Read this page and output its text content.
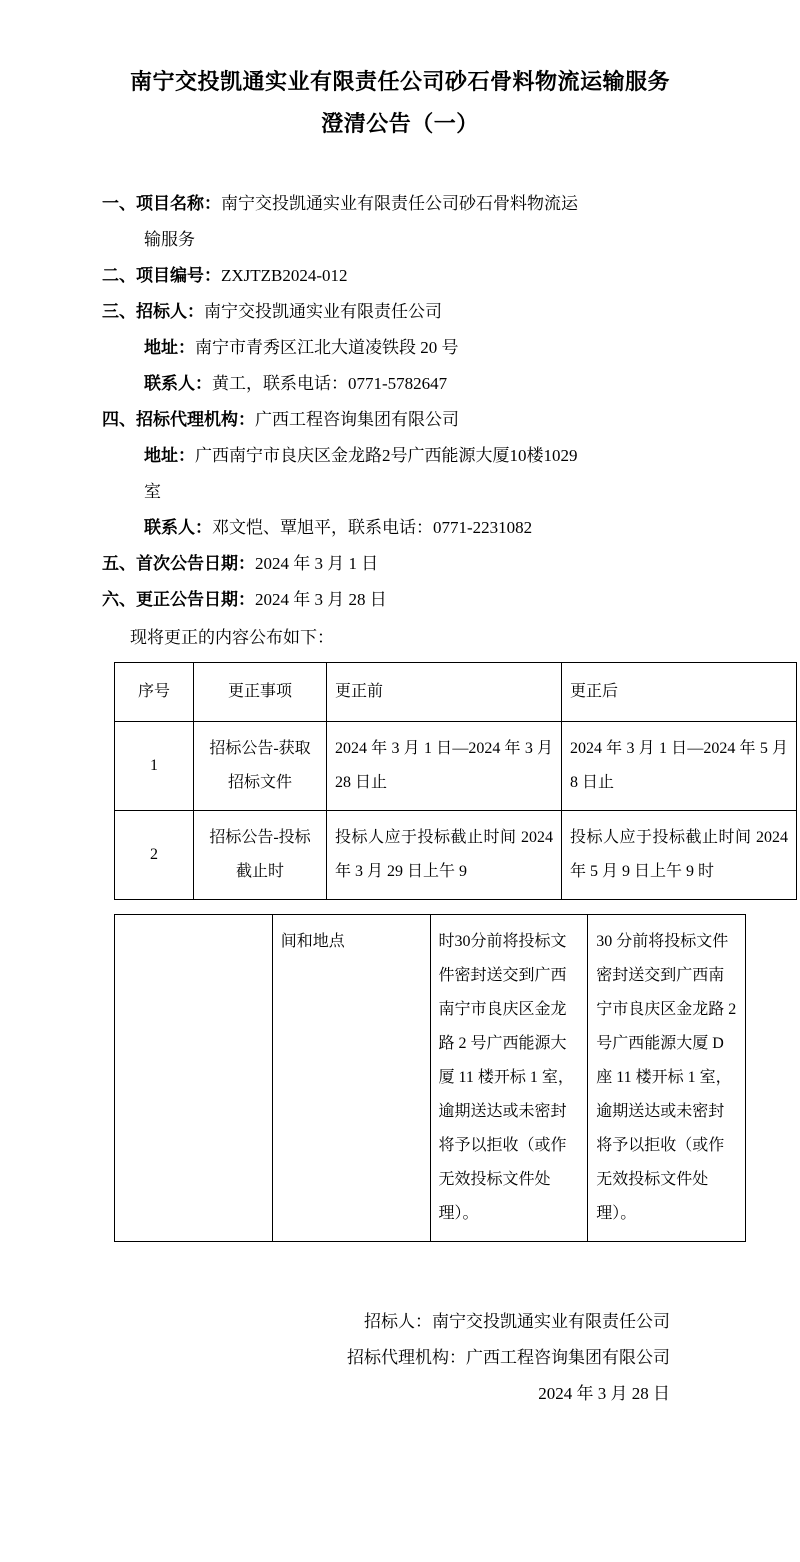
南宁交投凯通实业有限责任公司砂石骨料物流运输服务
澄清公告（一）
一、项目名称：南宁交投凯通实业有限责任公司砂石骨料物流运
输服务
二、项目编号：ZXJTZB2024-012
三、招标人：南宁交投凯通实业有限责任公司
地址：南宁市青秀区江北大道凌铁段 20 号
联系人：黄工，联系电话：0771-5782647
四、招标代理机构：广西工程咨询集团有限公司
地址：广西南宁市良庆区金龙路2号广西能源大厦10楼1029
室
联系人：邓文恺、覃旭平，联系电话：0771-2231082
五、首次公告日期：2024 年 3 月 1 日
六、更正公告日期：2024 年 3 月 28 日
现将更正的内容公布如下：
序号	更正事项	更正前	更正后
1	招标公告-获取招标文件	2024 年 3 月 1 日—2024 年 3 月 28 日止	2024 年 3 月 1 日—2024 年 5 月 8 日止
2	招标公告-投标截止时	投标人应于投标截止时间 2024 年 3 月 29 日上午 9	投标人应于投标截止时间 2024 年 5 月 9 日上午 9 时
	间和地点	时30分前将投标文件密封送交到广西南宁市良庆区金龙路 2 号广西能源大厦 11 楼开标 1 室，逾期送达或未密封将予以拒收（或作无效投标文件处理）。	30 分前将投标文件密封送交到广西南宁市良庆区金龙路 2 号广西能源大厦 D 座 11 楼开标 1 室，逾期送达或未密封将予以拒收（或作无效投标文件处理）。
招标人：南宁交投凯通实业有限责任公司
招标代理机构：广西工程咨询集团有限公司
2024 年 3 月 28 日
